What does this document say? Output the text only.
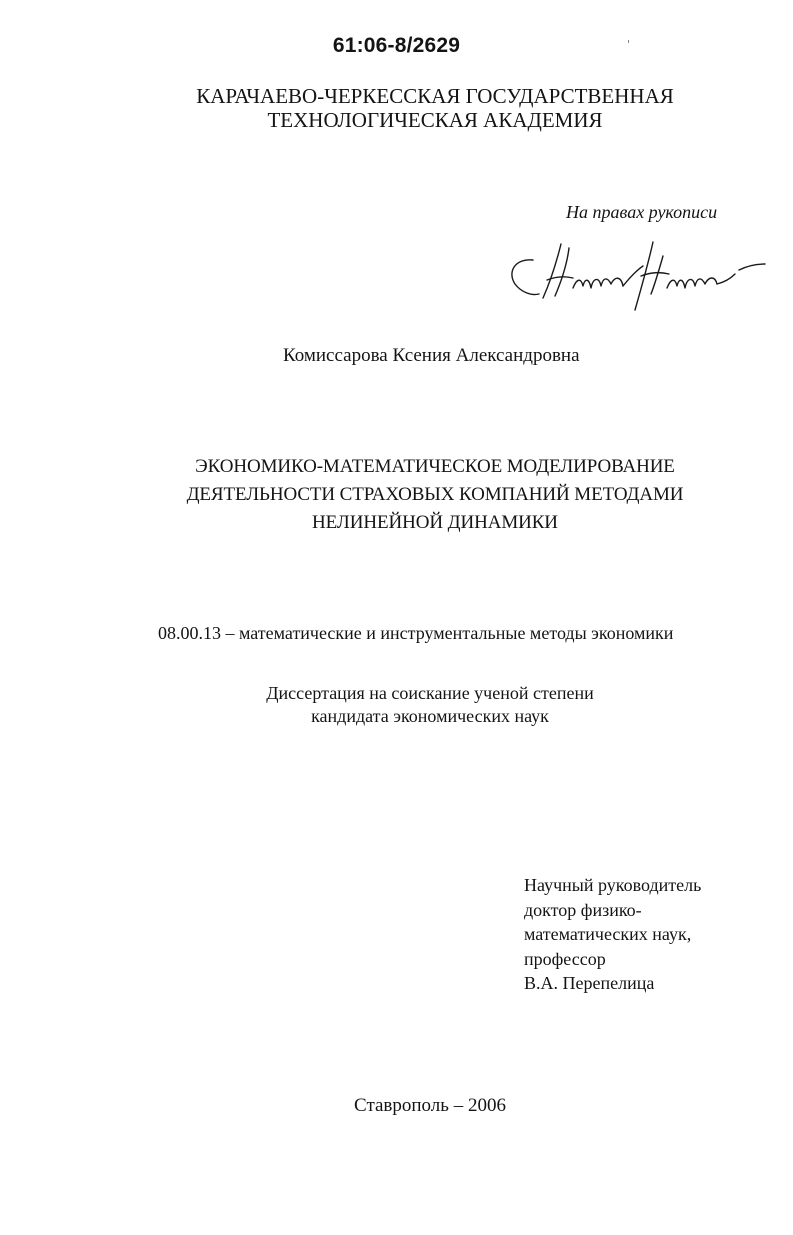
61:06-8/2629
КАРАЧАЕВО-ЧЕРКЕССКАЯ ГОСУДАРСТВЕННАЯ
ТЕХНОЛОГИЧЕСКАЯ АКАДЕМИЯ
На правах рукописи
Комиссарова Ксения Александровна
ЭКОНОМИКО-МАТЕМАТИЧЕСКОЕ МОДЕЛИРОВАНИЕ
ДЕЯТЕЛЬНОСТИ СТРАХОВЫХ КОМПАНИЙ МЕТОДАМИ
НЕЛИНЕЙНОЙ ДИНАМИКИ
08.00.13 – математические и инструментальные методы экономики
Диссертация на соискание ученой степени
кандидата экономических наук
Научный руководитель
доктор физико-
математических наук,
профессор
В.А. Перепелица
Ставрополь – 2006
